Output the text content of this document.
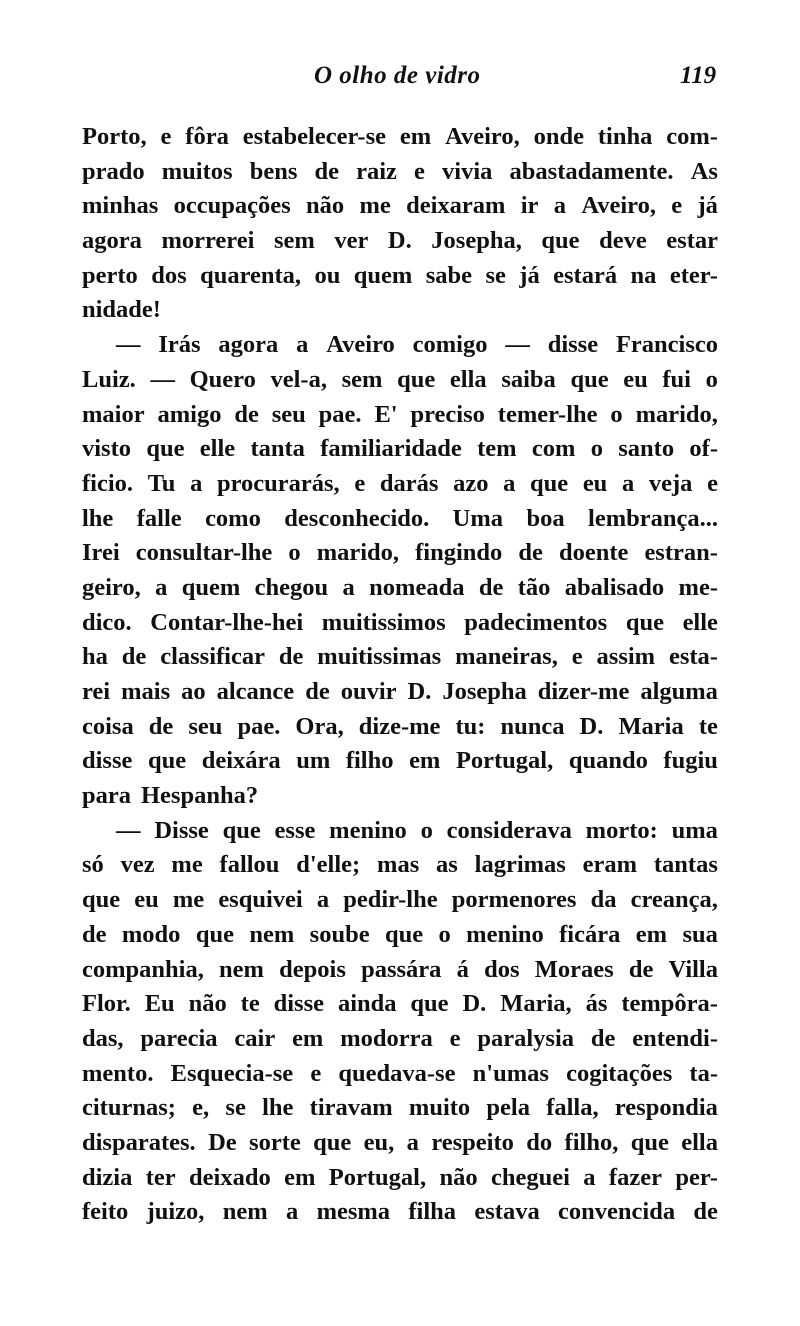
O olho de vidro	119
Porto, e fôra estabelecer-se em Aveiro, onde tinha com-
prado muitos bens de raiz e vivia abastadamente. As
minhas occupações não me deixaram ir a Aveiro, e já
agora morrerei sem ver D. Josepha, que deve estar
perto dos quarenta, ou quem sabe se já estará na eter-
nidade!
— Irás agora a Aveiro comigo — disse Francisco
Luiz. — Quero vel-a, sem que ella saiba que eu fui o
maior amigo de seu pae. E' preciso temer-lhe o marido,
visto que elle tanta familiaridade tem com o santo of-
ficio. Tu a procurarás, e darás azo a que eu a veja e
lhe falle como desconhecido. Uma boa lembrança...
Irei consultar-lhe o marido, fingindo de doente estran-
geiro, a quem chegou a nomeada de tão abalisado me-
dico. Contar-lhe-hei muitissimos padecimentos que elle
ha de classificar de muitissimas maneiras, e assim esta-
rei mais ao alcance de ouvir D. Josepha dizer-me alguma
coisa de seu pae. Ora, dize-me tu: nunca D. Maria te
disse que deixára um filho em Portugal, quando fugiu
para Hespanha?
— Disse que esse menino o considerava morto: uma
só vez me fallou d'elle; mas as lagrimas eram tantas
que eu me esquivei a pedir-lhe pormenores da creança,
de modo que nem soube que o menino ficára em sua
companhia, nem depois passára á dos Moraes de Villa
Flor. Eu não te disse ainda que D. Maria, ás tempôra-
das, parecia cair em modorra e paralysia de entendi-
mento. Esquecia-se e quedava-se n'umas cogitações ta-
citurnas; e, se lhe tiravam muito pela falla, respondia
disparates. De sorte que eu, a respeito do filho, que ella
dizia ter deixado em Portugal, não cheguei a fazer per-
feito juizo, nem a mesma filha estava convencida de
